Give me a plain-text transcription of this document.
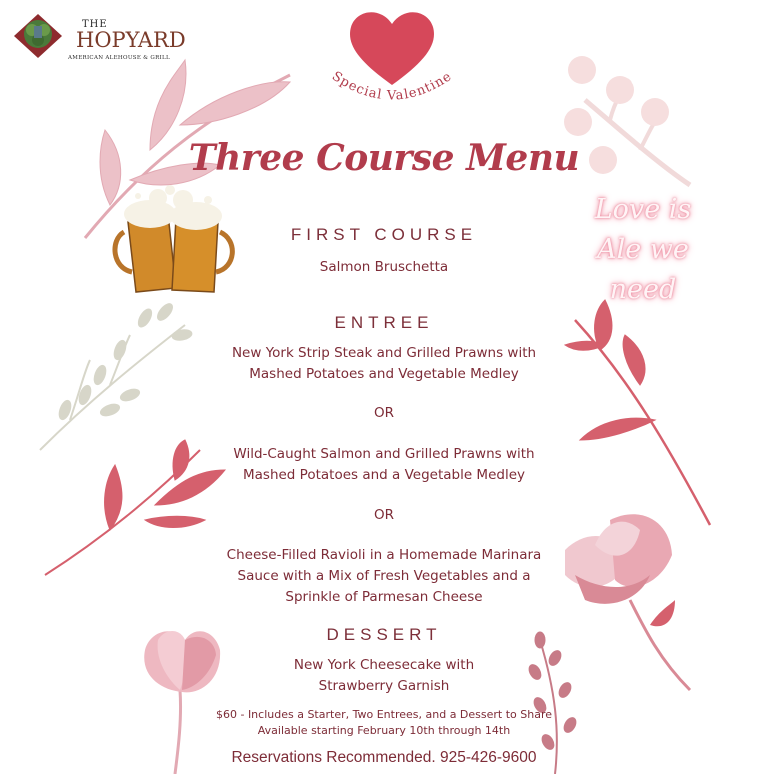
THE
HOPYARD
AMERICAN ALEHOUSE & GRILL
Special Valentine
Love is
Ale we
need
Three Course Menu
FIRST COURSE
Salmon Bruschetta
ENTREE
New York Strip Steak and Grilled Prawns with
Mashed Potatoes and Vegetable Medley
OR
Wild-Caught Salmon and Grilled Prawns with
Mashed Potatoes and a Vegetable Medley
OR
Cheese-Filled Ravioli in a Homemade Marinara
Sauce with a Mix of Fresh Vegetables and a
Sprinkle of Parmesan Cheese
DESSERT
New York Cheesecake with
Strawberry Garnish
$60 - Includes a Starter, Two Entrees, and a Dessert to Share
Available starting February 10th through 14th
Reservations Recommended. 925-426-9600
